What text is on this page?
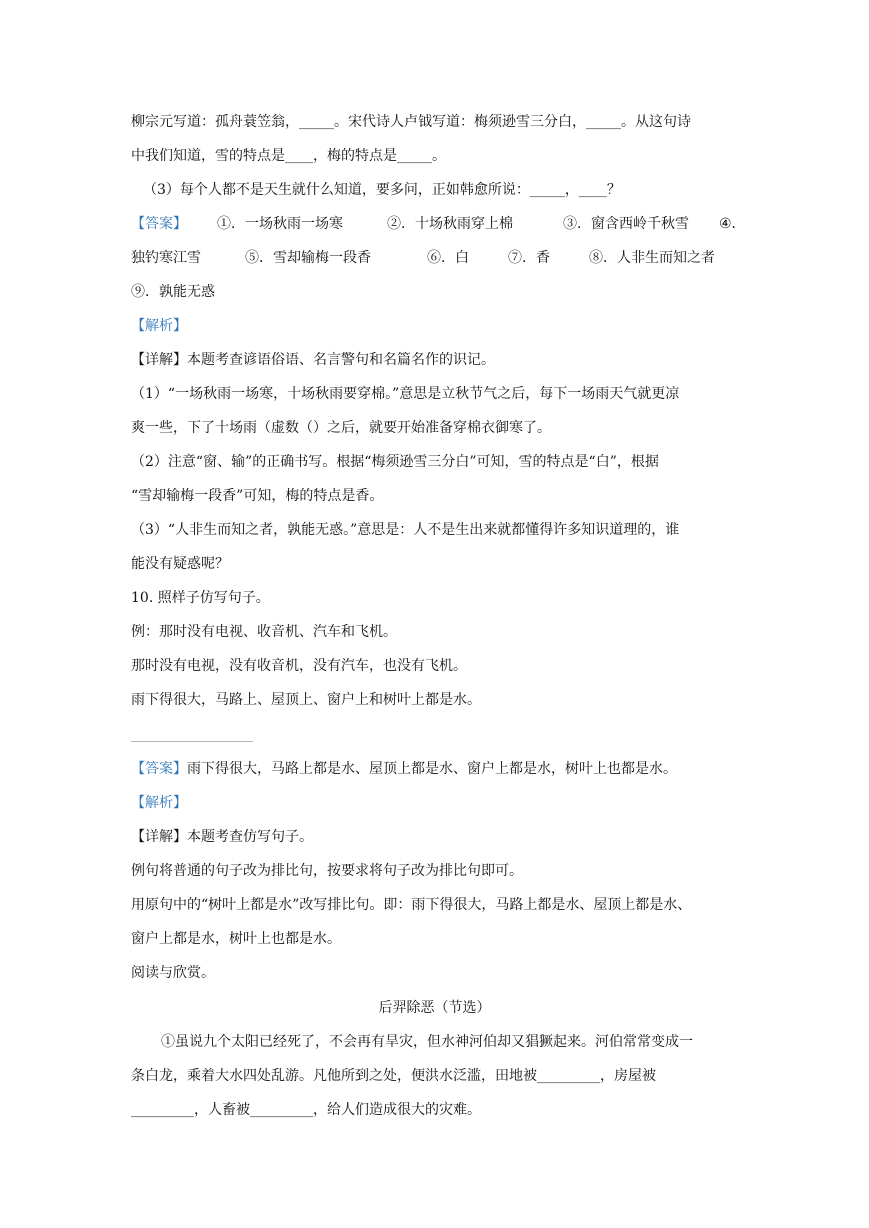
柳宗元写道：孤舟蓑笠翁，_____。宋代诗人卢钺写道：梅须逊雪三分白，_____。从这句诗
中我们知道，雪的特点是____，梅的特点是_____。
（3）每个人都不是天生就什么知道，要多问，正如韩愈所说：_____，____？
【答案】 ①．一场秋雨一场寒	②．十场秋雨穿上棉	③．窗含西岭千秋雪 ④．
独钓寒江雪	⑤．雪却输梅一段香	⑥．白	⑦．香	⑧．人非生而知之者
⑨．孰能无惑
【解析】
【详解】本题考查谚语俗语、名言警句和名篇名作的识记。
（1）“一场秋雨一场寒，十场秋雨要穿棉。”意思是立秋节气之后，每下一场雨天气就更凉
爽一些，下了十场雨（虚数（）之后，就要开始准备穿棉衣御寒了。
（2）注意“窗、输”的正确书写。根据“梅须逊雪三分白”可知，雪的特点是“白”，根据
“雪却输梅一段香”可知，梅的特点是香。
（3）“人非生而知之者，孰能无惑。”意思是：人不是生出来就都懂得许多知识道理的，谁
能没有疑惑呢？
10. 照样子仿写句子。
例：那时没有电视、收音机、汽车和飞机。
那时没有电视，没有收音机，没有汽车，也没有飞机。
雨下得很大，马路上、屋顶上、窗户上和树叶上都是水。
【答案】雨下得很大，马路上都是水、屋顶上都是水、窗户上都是水，树叶上也都是水。
【解析】
【详解】本题考查仿写句子。
例句将普通的句子改为排比句，按要求将句子改为排比句即可。
用原句中的“树叶上都是水”改写排比句。即：雨下得很大，马路上都是水、屋顶上都是水、
窗户上都是水，树叶上也都是水。
阅读与欣赏。
后羿除恶（节选）
①虽说九个太阳已经死了，不会再有旱灾，但水神河伯却又猖獗起来。河伯常常变成一
条白龙，乘着大水四处乱游。凡他所到之处，便洪水泛滥，田地被_________，房屋被
_________，人畜被_________，给人们造成很大的灾难。
